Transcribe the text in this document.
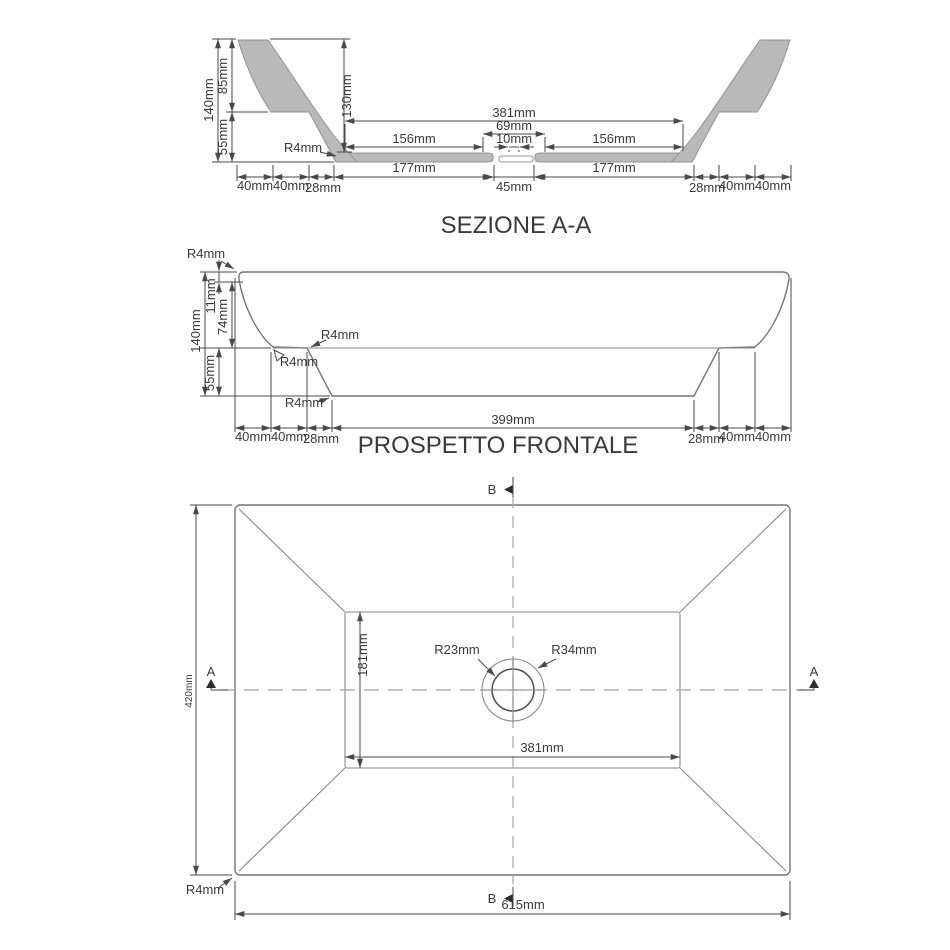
140mm
85mm
55mm
130mm
R4mm
381mm
69mm
10mm
156mm	156mm
177mm	177mm
45mm
40mm 40mm
28mm	28mm
40mm 40mm
SEZIONE A-A
R4mm
140mm
11mm
74mm
55mm
R4mm
R4mm
R4mm
399mm
40mm 40mm
28mm	28mm
40mm 40mm
PROSPETTO FRONTALE
A	A
B
B
420mm
181mm	R23mm	R34mm
381mm
615mm
R4mm
